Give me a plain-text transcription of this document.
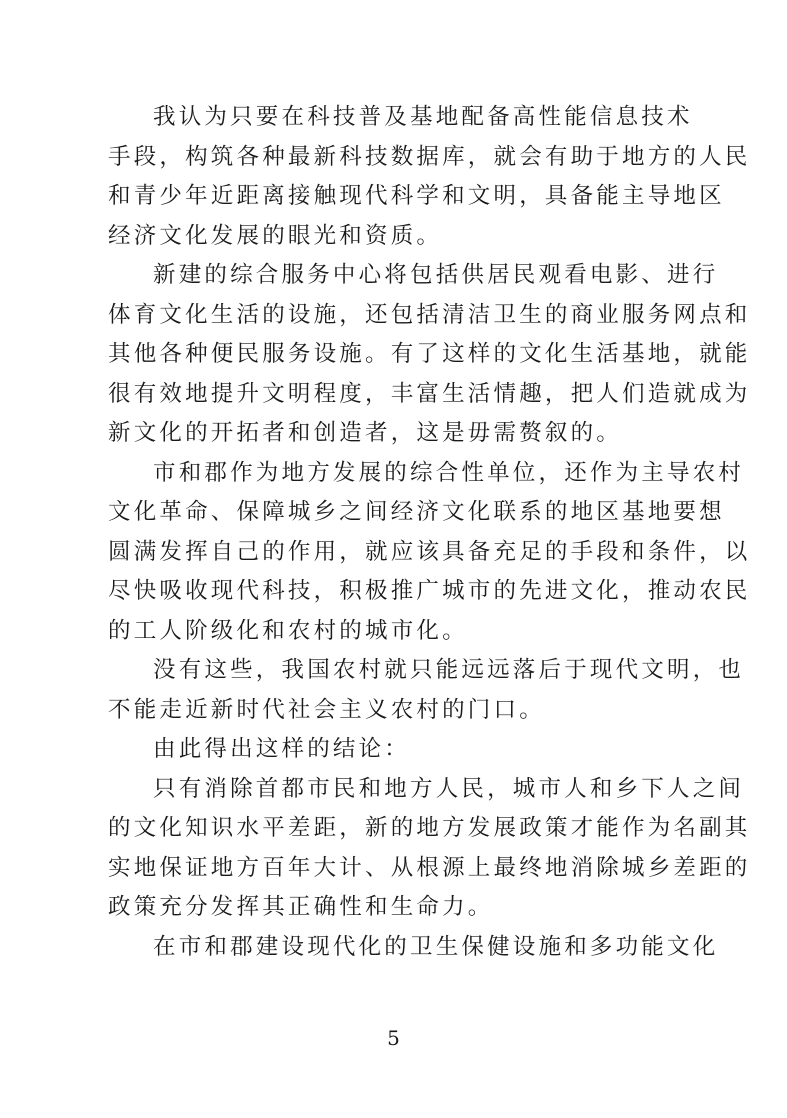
我认为只要在科技普及基地配备高性能信息技术
手段，构筑各种最新科技数据库，就会有助于地方的人民
和青少年近距离接触现代科学和文明，具备能主导地区
经济文化发展的眼光和资质。

新建的综合服务中心将包括供居民观看电影、进行
体育文化生活的设施，还包括清洁卫生的商业服务网点和
其他各种便民服务设施。有了这样的文化生活基地，就能
很有效地提升文明程度，丰富生活情趣，把人们造就成为
新文化的开拓者和创造者，这是毋需赘叙的。

市和郡作为地方发展的综合性单位，还作为主导农村
文化革命、保障城乡之间经济文化联系的地区基地要想
圆满发挥自己的作用，就应该具备充足的手段和条件，以
尽快吸收现代科技，积极推广城市的先进文化，推动农民
的工人阶级化和农村的城市化。

没有这些，我国农村就只能远远落后于现代文明，也
不能走近新时代社会主义农村的门口。

由此得出这样的结论：

只有消除首都市民和地方人民，城市人和乡下人之间
的文化知识水平差距，新的地方发展政策才能作为名副其
实地保证地方百年大计、从根源上最终地消除城乡差距的
政策充分发挥其正确性和生命力。

在市和郡建设现代化的卫生保健设施和多功能文化

5
